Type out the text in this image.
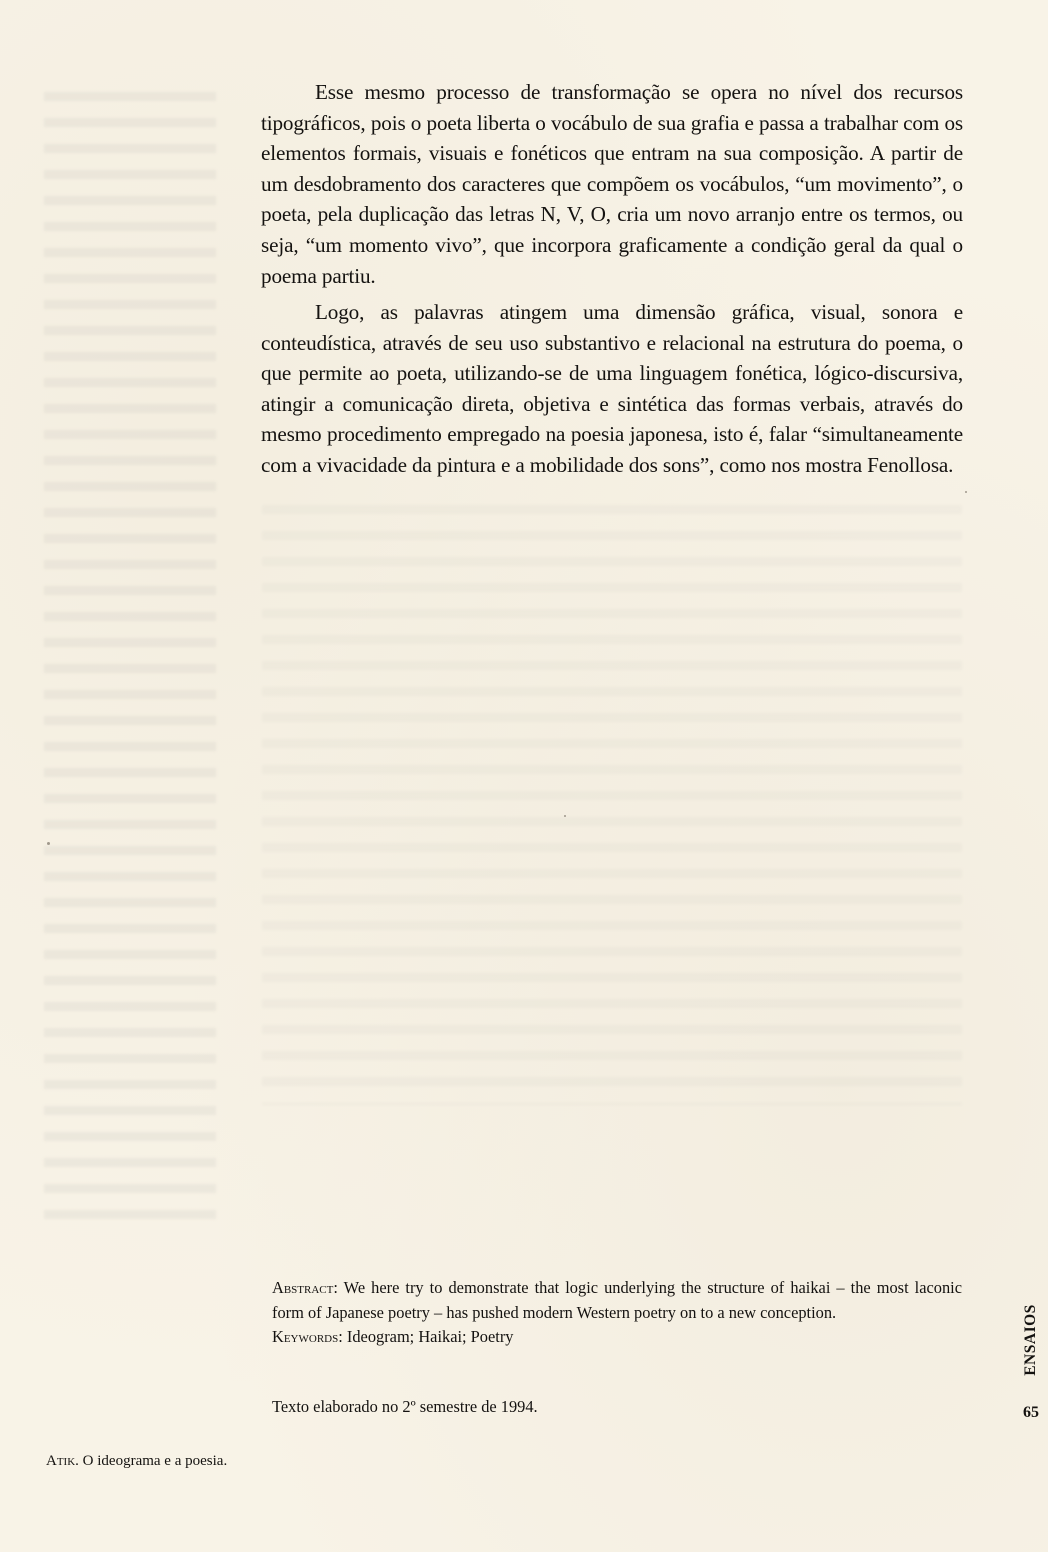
Esse mesmo processo de transformação se opera no nível dos recursos tipográficos, pois o poeta liberta o vocábulo de sua grafia e passa a trabalhar com os elementos formais, visuais e fonéticos que entram na sua composição. A partir de um desdobramento dos caracteres que compõem os vocábulos, “um movimento”, o poeta, pela duplicação das letras N, V, O, cria um novo arranjo entre os termos, ou seja, “um momento vivo”, que incorpora graficamente a condição geral da qual o poema partiu.

Logo, as palavras atingem uma dimensão gráfica, visual, sonora e conteudística, através de seu uso substantivo e relacional na estrutura do poema, o que permite ao poeta, utilizando-se de uma linguagem fonética, lógico-discursiva, atingir a comunicação direta, objetiva e sintética das formas verbais, através do mesmo procedimento empregado na poesia japonesa, isto é, falar “simultaneamente com a vivacidade da pintura e a mobilidade dos sons”, como nos mostra Fenollosa.

Abstract: We here try to demonstrate that logic underlying the structure of haikai – the most laconic form of Japanese poetry – has pushed modern Western poetry on to a new conception.

Keywords: Ideogram; Haikai; Poetry

Texto elaborado no 2º semestre de 1994.
Atik. O ideograma e a poesia.
ENSAIOS
65
